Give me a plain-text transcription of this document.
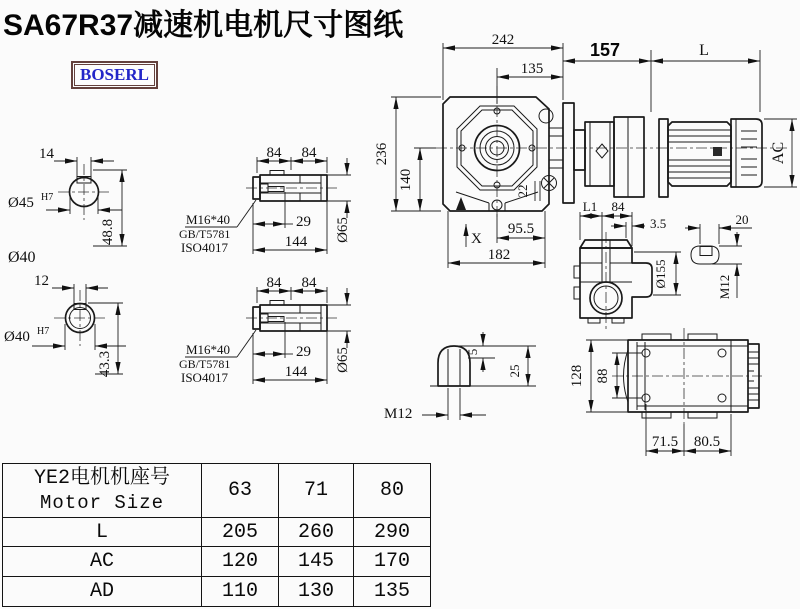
SA67R37减速机电机尺寸图纸
BOSERL
14
Ø45 H7
48.8
Ø40
12
Ø40 H7
43.3
84 84
29
144 Ø65
M16*40
GB/T5781
ISO4017
84 84
29
144 Ø65
M16*40
GB/T5781
ISO4017
22
242
135
157	L
236
140
95.5
182
X
AC
L1 84
3.5
Ø155
20
M12
5
25
M12
128 88
71.5 80.5
YE2电机机座号
Motor Size	63	71	80
L	205	260	290
AC	120	145	170
AD	110	130	135
